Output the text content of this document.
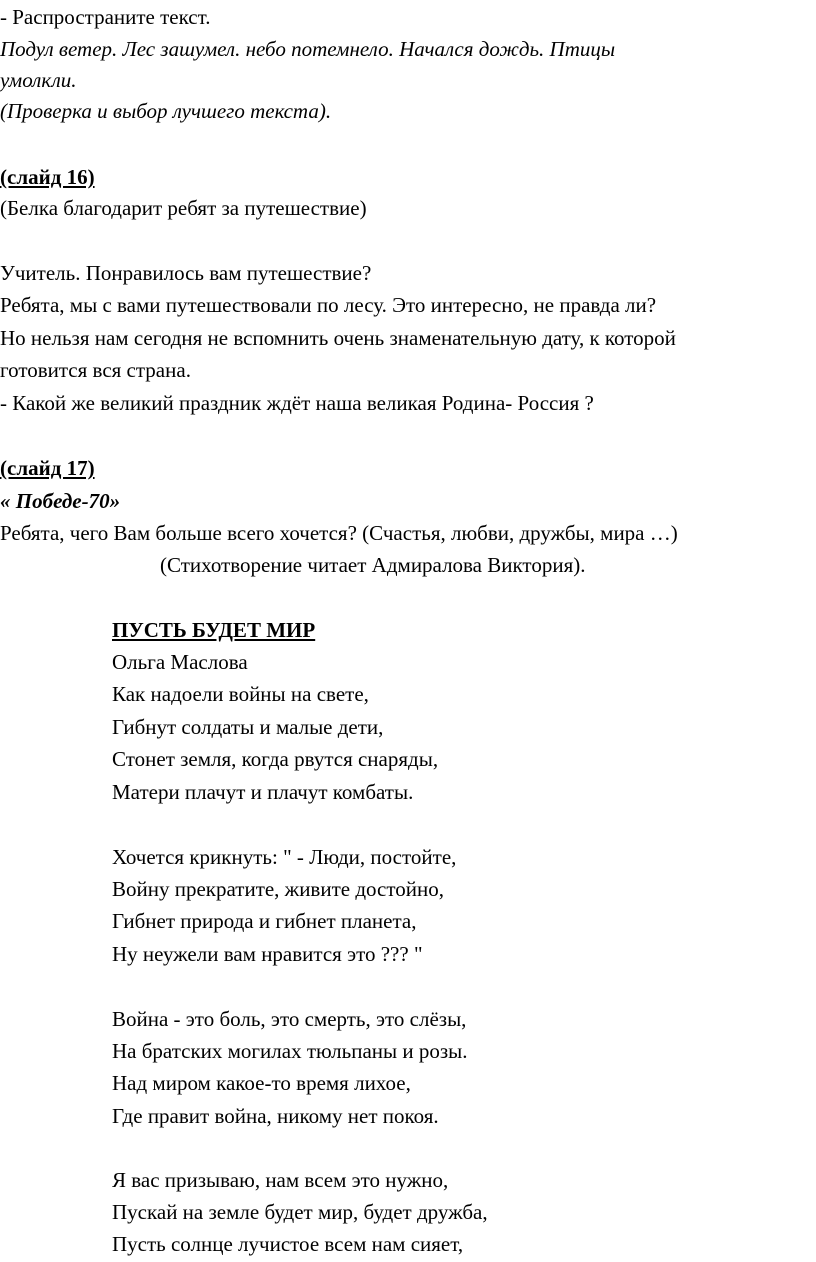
- Распространите текст.
Подул ветер. Лес зашумел. небо потемнело. Начался дождь. Птицы
умолкли.
(Проверка и выбор лучшего текста).
(слайд 16)
(Белка благодарит ребят за путешествие)
Учитель. Понравилось вам путешествие?
Ребята, мы с вами путешествовали по лесу. Это интересно, не правда ли?
Но нельзя нам сегодня не вспомнить очень знаменательную дату, к которой
готовится вся страна.
- Какой же великий праздник ждёт наша великая Родина- Россия ?
(слайд 17)
« Победе-70»
Ребята, чего Вам больше всего хочется? (Счастья, любви, дружбы, мира …)
(Стихотворение читает Адмиралова Виктория).
ПУСТЬ БУДЕТ МИР
Ольга Маслова
Как надоели войны на свете,
Гибнут солдаты и малые дети,
Стонет земля, когда рвутся снаряды,
Матери плачут и плачут комбаты.
Хочется крикнуть: " - Люди, постойте,
Войну прекратите, живите достойно,
Гибнет природа и гибнет планета,
Ну неужели вам нравится это ??? "
Война - это боль, это смерть, это слёзы,
На братских могилах тюльпаны и розы.
Над миром какое-то время лихое,
Где правит война, никому нет покоя.
Я вас призываю, нам всем это нужно,
Пускай на земле будет мир, будет дружба,
Пусть солнце лучистое всем нам сияет,
